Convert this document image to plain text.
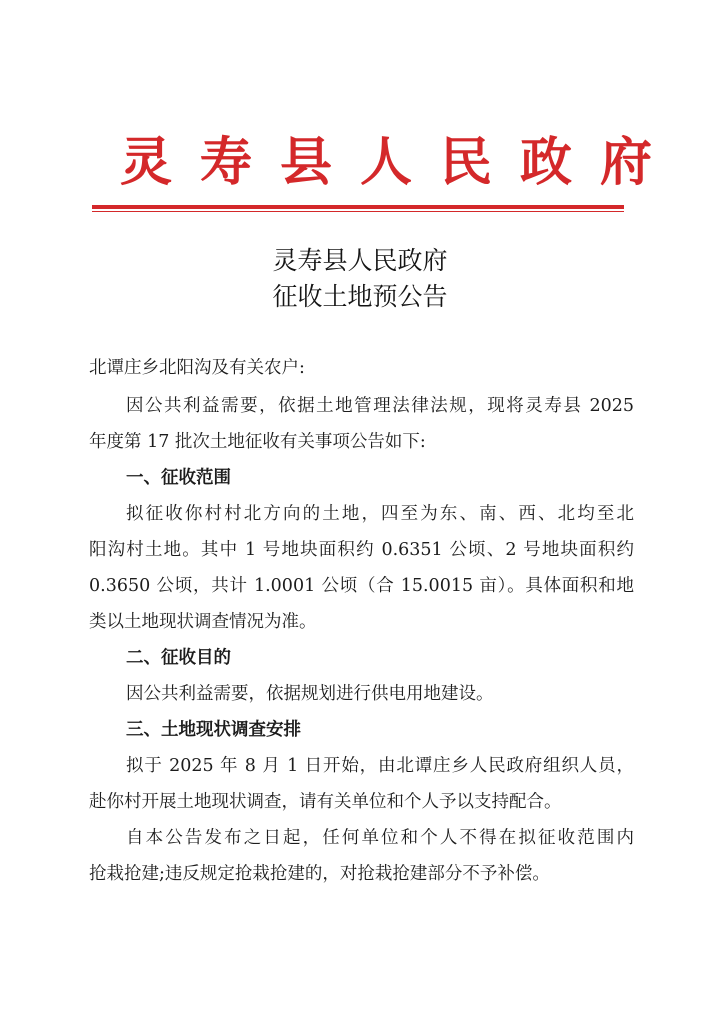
灵寿县人民政府
灵寿县人民政府
征收土地预公告
北谭庄乡北阳沟及有关农户:
因公共利益需要，依据土地管理法律法规，现将灵寿县 2025
年度第 17 批次土地征收有关事项公告如下:
一、征收范围
拟征收你村村北方向的土地，四至为东、南、西、北均至北
阳沟村土地。其中 1 号地块面积约 0.6351 公顷、2 号地块面积约
0.3650 公顷，共计 1.0001 公顷（合 15.0015 亩）。具体面积和地
类以土地现状调查情况为准。
二、征收目的
因公共利益需要，依据规划进行供电用地建设。
三、土地现状调查安排
拟于 2025 年 8 月 1 日开始，由北谭庄乡人民政府组织人员，
赴你村开展土地现状调查，请有关单位和个人予以支持配合。
自本公告发布之日起，任何单位和个人不得在拟征收范围内
抢栽抢建;违反规定抢栽抢建的，对抢栽抢建部分不予补偿。
